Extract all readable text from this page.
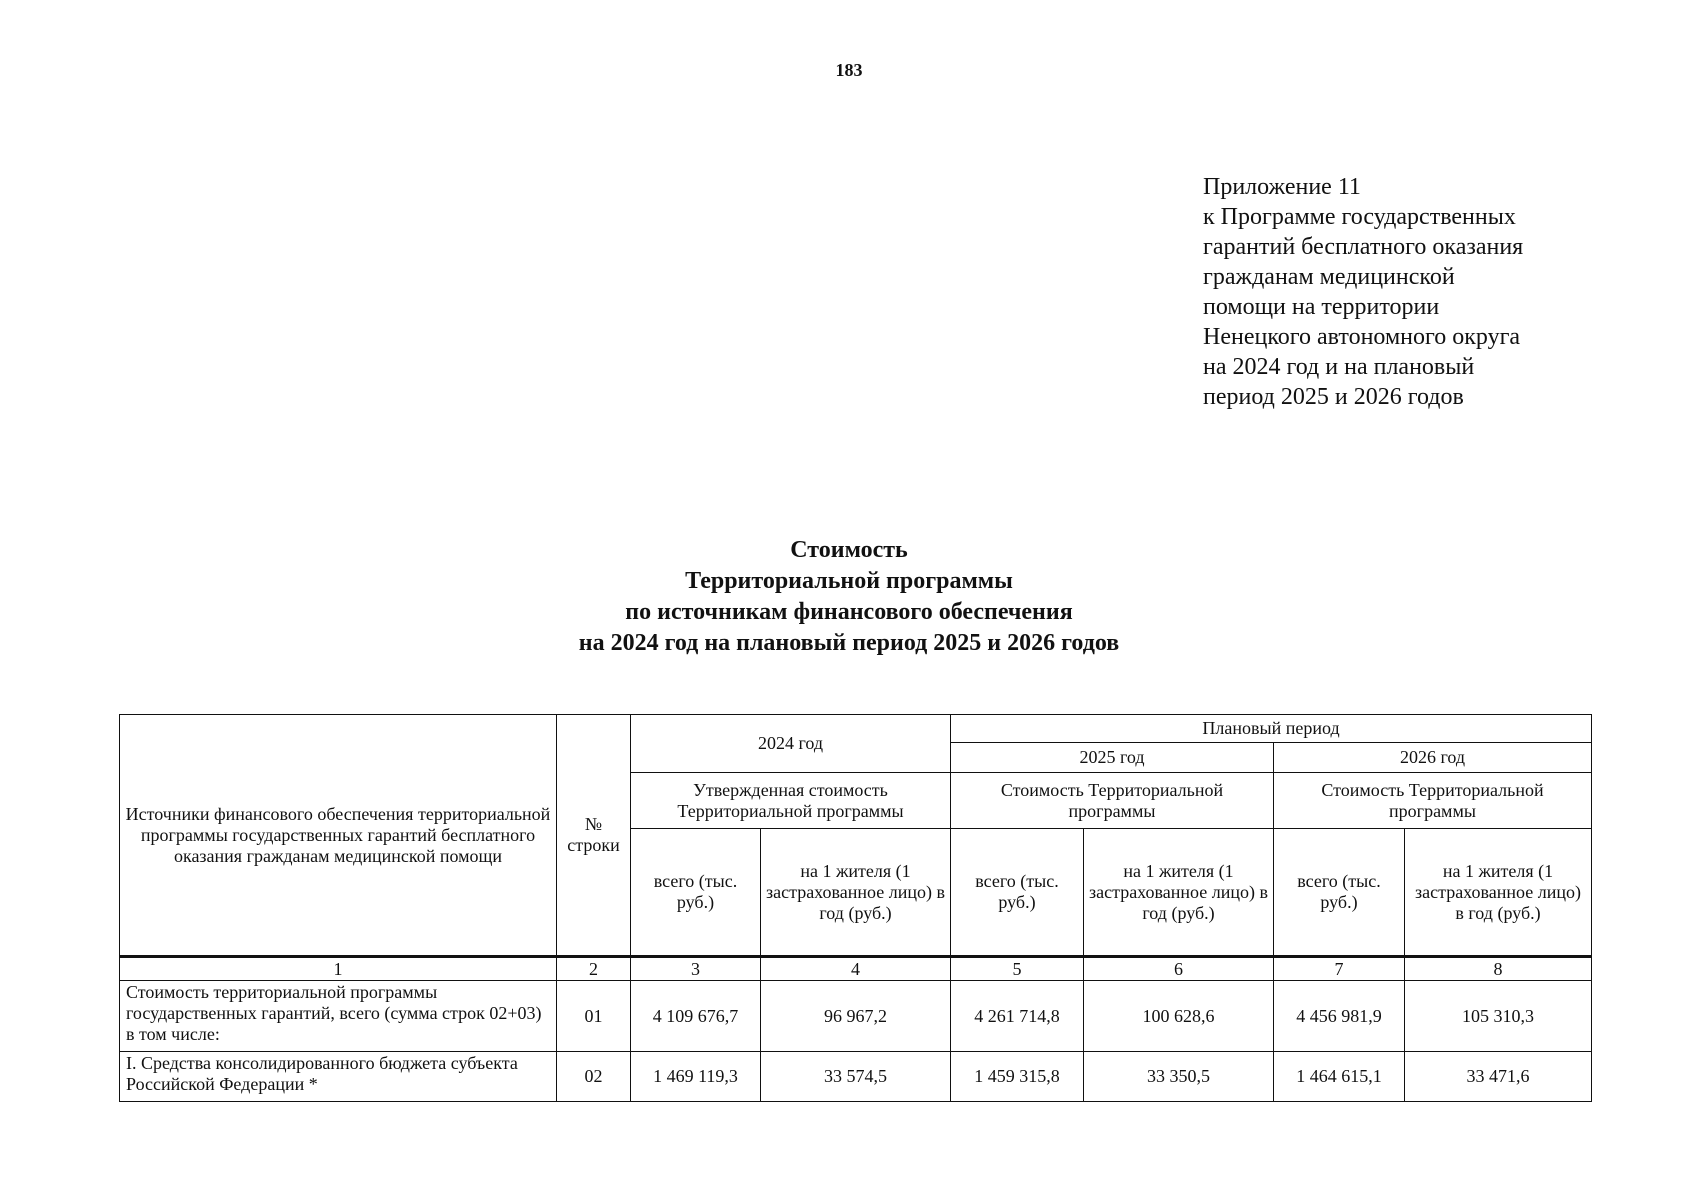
183
Приложение 11
к Программе государственных
гарантий бесплатного оказания
гражданам медицинской
помощи на территории
Ненецкого автономного округа
на 2024 год и на плановый
период 2025 и 2026 годов
Стоимость
Территориальной программы
по источникам финансового обеспечения
на 2024 год на плановый период 2025 и 2026 годов
Источники финансового обеспечения территориальной программы государственных гарантий бесплатного оказания гражданам медицинской помощи	№ строки	2024 год		Плановый период			
				2025 год		2026 год	
		Утвержденная стоимость Территориальной программы		Стоимость Территориальной программы		Стоимость Территориальной программы	
		всего (тыс. руб.)	на 1 жителя (1 застрахованное лицо) в год (руб.)	всего (тыс. руб.)	на 1 жителя (1 застрахованное лицо) в год (руб.)	всего (тыс. руб.)	на 1 жителя (1 застрахованное лицо) в год (руб.)
1	2	3	4	5	6	7	8
Стоимость территориальной программы государственных гарантий, всего (сумма строк 02+03) в том числе:	01	4 109 676,7	96 967,2	4 261 714,8	100 628,6	4 456 981,9	105 310,3
I. Средства консолидированного бюджета субъекта Российской Федерации *	02	1 469 119,3	33 574,5	1 459 315,8	33 350,5	1 464 615,1	33 471,6
